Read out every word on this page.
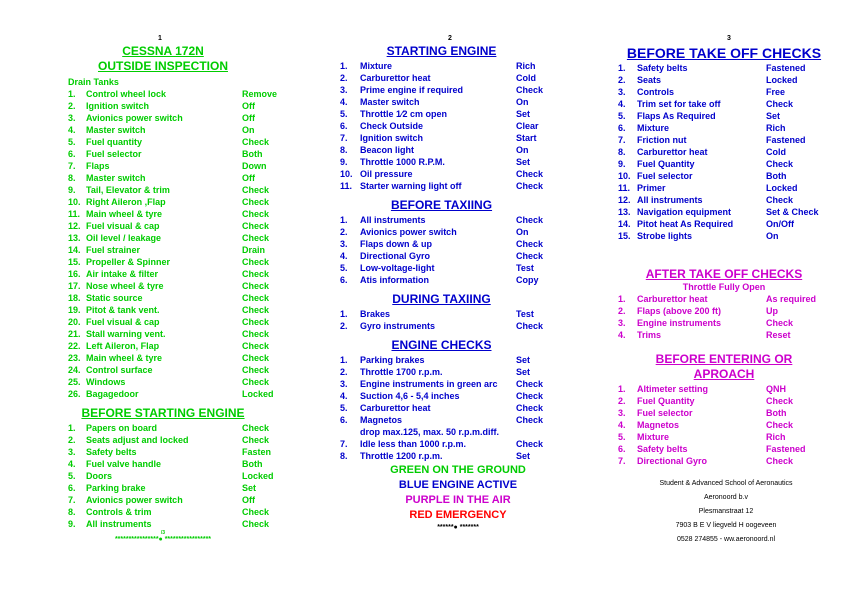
1	2	3
CESSNA 172N
OUTSIDE INSPECTION
Drain Tanks
1. Control wheel lock	Remove
2. Ignition switch	Off
3. Avionics power switch	Off
4. Master switch	On
5. Fuel quantity	Check
6. Fuel selector	Both
7. Flaps	Down
8. Master switch	Off
9. Tail, Elevator & trim	Check
10. Right Aileron ,Flap	Check
11. Main wheel & tyre	Check
12. Fuel visual & cap	Check
13. Oil level / leakage	Check
14. Fuel strainer	Drain
15. Propeller & Spinner	Check
16. Air intake & filter	Check
17. Nose wheel & tyre	Check
18. Static source	Check
19. Pitot & tank vent.	Check
20. Fuel visual & cap	Check
21. Stall warning vent.	Check
22. Left Aileron, Flap	Check
23. Main wheel & tyre	Check
24. Control surface	Check
25. Windows	Check
26. Bagagedoor	Locked
BEFORE STARTING ENGINE
1. Papers on board	Check
2. Seats adjust and locked	Check
3. Safety belts	Fasten
4. Fuel valve handle	Both
5. Doors	Locked
6. Parking brake	Set
7. Avionics power switch	Off
8. Controls & trim	Check
9. All instruments	Check
/3
****************● *****************
STARTING ENGINE
1. Mixture	Rich
2. Carburettor heat	Cold
3. Prime engine if required	Check
4. Master switch	On
5. Throttle 1⁄2 cm open	Set
6. Check Outside	Clear
7. Ignition switch	Start
8. Beacon light	On
9. Throttle 1000 R.P.M.	Set
10. Oil pressure	Check
11. Starter warning light off	Check
BEFORE TAXIING
1. All instruments	Check
2. Avionics power switch	On
3. Flaps down & up	Check
4. Directional Gyro	Check
5. Low-voltage-light	Test
6. Atis information	Copy
DURING TAXIING
1. Brakes	Test
2. Gyro instruments	Check
ENGINE CHECKS
1. Parking brakes	Set
2. Throttle 1700 r.p.m.	Set
3. Engine instruments in green arc Check
4. Suction 4,6 - 5,4 inches	Check
5. Carburettor heat	Check
6. Magnetos	Check
drop max.125, max. 50 r.p.m.diff.
7. Idle less than 1000 r.p.m.	Check
8. Throttle 1200 r.p.m.	Set
GREEN ON THE GROUND
BLUE ENGINE ACTIVE
PURPLE IN THE AIR
RED EMERGENCY
******● *******
BEFORE TAKE OFF CHECKS
1. Safety belts	Fastened
2. Seats	Locked
3. Controls	Free
4. Trim set for take off	Check
5. Flaps As Required	Set
6. Mixture	Rich
7. Friction nut	Fastened
8. Carburettor heat	Cold
9. Fuel Quantity	Check
10. Fuel selector	Both
11. Primer	Locked
12. All instruments	Check
13. Navigation equipment	Set & Check
14. Pitot heat As Required	On/Off
15. Strobe lights	On
AFTER TAKE OFF CHECKS
Throttle Fully Open
1. Carburettor heat	As required
2. Flaps (above 200 ft)	Up
3. Engine instruments	Check
4. Trims	Reset
BEFORE ENTERING OR
APROACH
1. Altimeter setting	QNH
2. Fuel Quantity	Check
3. Fuel selector	Both
4. Magnetos	Check
5. Mixture	Rich
6. Safety belts	Fastened
7. Directional Gyro	Check
Student & Advanced School of Aeronautics
Aeronoord b.v
Plesmanstraat 12
7903 B E V liegveld H oogeveen
0528 274855 - ww.aeronoord.nl
